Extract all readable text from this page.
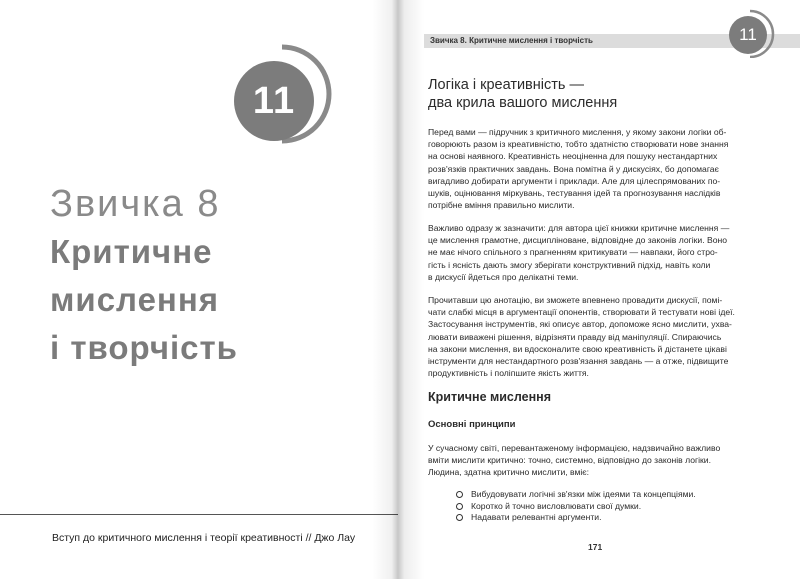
11
Звичка 8
Критичне
мислення
і творчість
Вступ до критичного мислення і теорії креативності // Джо Лау
Звичка 8. Критичне мислення і творчість	11
Логіка і креативність —
два крила вашого мислення
Перед вами — підручник з критичного мислення, у якому закони логіки об-
говорюють разом із креативністю, тобто здатністю створювати нове знання
на основі наявного. Креативність неоціненна для пошуку нестандартних
розв'язків практичних завдань. Вона помітна й у дискусіях, бо допомагає
вигадливо добирати аргументи і приклади. Але для цілеспрямованих по-
шуків, оцінювання міркувань, тестування ідей та прогнозування наслідків
потрібне вміння правильно мислити.
Важливо одразу ж зазначити: для автора цієї книжки критичне мислення —
це мислення грамотне, дисципліноване, відповідне до законів логіки. Воно
не має нічого спільного з прагненням критикувати — навпаки, його стро-
гість і ясність дають змогу зберігати конструктивний підхід, навіть коли
в дискусії йдеться про делікатні теми.
Прочитавши цю анотацію, ви зможете впевнено провадити дискусії, помі-
чати слабкі місця в аргументації опонентів, створювати й тестувати нові ідеї.
Застосування інструментів, які описує автор, допоможе ясно мислити, ухва-
лювати виважені рішення, відрізняти правду від маніпуляції. Спираючись
на закони мислення, ви вдосконалите свою креативність й дістанете цікаві
інструменти для нестандартного розв'язання завдань — а отже, підвищите
продуктивність і поліпшите якість життя.
Критичне мислення
Основні принципи
У сучасному світі, перевантаженому інформацією, надзвичайно важливо
вміти мислити критично: точно, системно, відповідно до законів логіки.
Людина, здатна критично мислити, вміє:
Вибудовувати логічні зв'язки між ідеями та концепціями.
Коротко й точно висловлювати свої думки.
Надавати релевантні аргументи.
171
